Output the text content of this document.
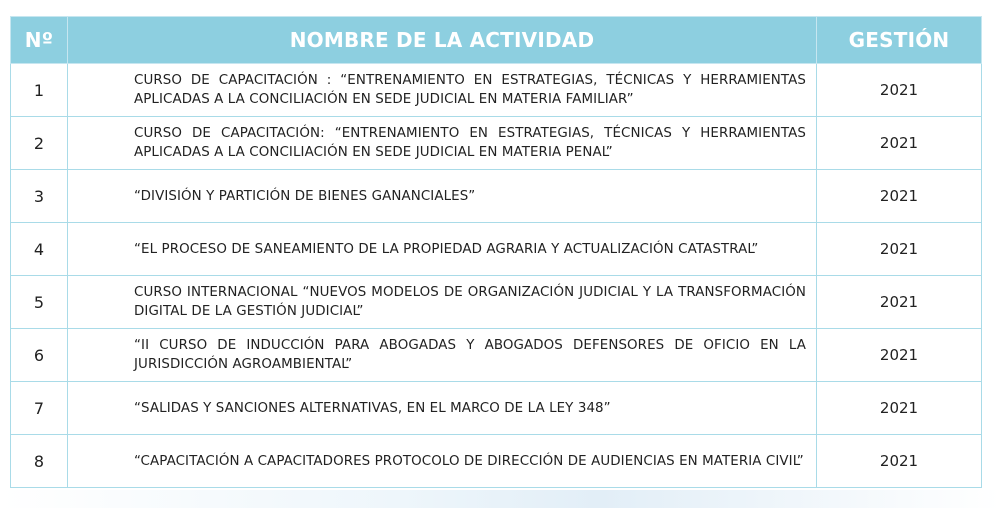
Nº	NOMBRE DE LA ACTIVIDAD	GESTIÓN
1	CURSO DE CAPACITACIÓN : “ENTRENAMIENTO EN ESTRATEGIAS, TÉCNICAS Y HERRAMIENTAS APLICADAS A LA CONCILIACIÓN EN SEDE JUDICIAL EN MATERIA FAMILIAR”	2021
2	CURSO DE CAPACITACIÓN: “ENTRENAMIENTO EN ESTRATEGIAS, TÉCNICAS Y HERRAMIENTAS APLICADAS A LA CONCILIACIÓN EN SEDE JUDICIAL EN MATERIA PENAL”	2021
3	“DIVISIÓN Y PARTICIÓN DE BIENES GANANCIALES”	2021
4	“EL PROCESO DE SANEAMIENTO DE LA PROPIEDAD AGRARIA Y ACTUALIZACIÓN CATASTRAL”	2021
5	CURSO INTERNACIONAL “NUEVOS MODELOS DE ORGANIZACIÓN JUDICIAL Y LA TRANSFORMACIÓN DIGITAL DE LA GESTIÓN JUDICIAL”	2021
6	“II CURSO DE INDUCCIÓN PARA ABOGADAS Y ABOGADOS DEFENSORES DE OFICIO EN LA JURISDICCIÓN AGROAMBIENTAL”	2021
7	“SALIDAS Y SANCIONES ALTERNATIVAS, EN EL MARCO DE LA LEY 348”	2021
8	“CAPACITACIÓN A CAPACITADORES PROTOCOLO DE DIRECCIÓN DE AUDIENCIAS EN MATERIA CIVIL”	2021
